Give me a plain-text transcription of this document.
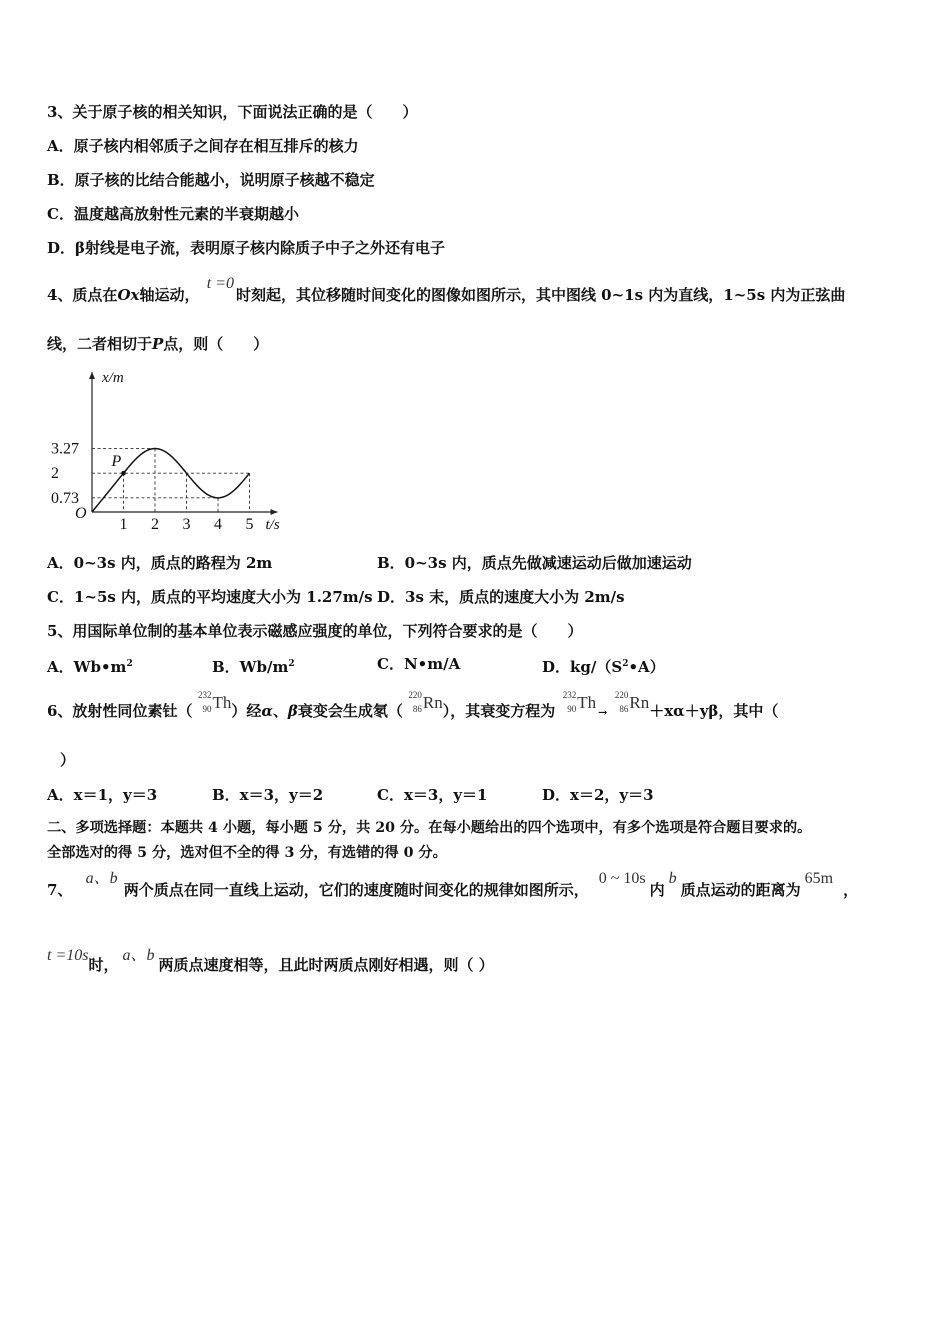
3、关于原子核的相关知识，下面说法正确的是（　　）
A．原子核内相邻质子之间存在相互排斥的核力
B．原子核的比结合能越小，说明原子核越不稳定
C．温度越高放射性元素的半衰期越小
D．β射线是电子流，表明原子核内除质子中子之外还有电子
4、质点在Ox轴运动， t =0时刻起，其位移随时间变化的图像如图所示，其中图线 0~1s 内为直线，1~5s 内为正弦曲
线，二者相切于P点，则（　　）
3.27
2
0.73
1 2 3 4 5
O
x/m
t/s
P
A．0~3s 内，质点的路程为 2m	B．0~3s 内，质点先做减速运动后做加速运动
C．1~5s 内，质点的平均速度大小为 1.27m/s D．3s 末，质点的速度大小为 2m/s
5、用国际单位制的基本单位表示磁感应强度的单位，下列符合要求的是（　　）
A．$Wb•m^2$	B．$Wb/m^2$	C．N•m/A	D．$kg/(S^2•A)$
6、放射性同位素钍（
232
90 Th）经α、β衰变会生成氡（
220
86 Rn），其衰变方程为
232
90 Th→
220
86 Rn＋xα＋yβ，其中（
）
A．x＝1，y＝3	B．x＝3，y＝2	C．x＝3，y＝1	D．x＝2，y＝3
二、多项选择题：本题共 4 小题，每小题 5 分，共 20 分。在每小题给出的四个选项中，有多个选项是符合题目要求的。
全部选对的得 5 分，选对但不全的得 3 分，有选错的得 0 分。
7、 a、b两个质点在同一直线上运动，它们的速度随时间变化的规律如图所示，0 ~ 10s内b质点运动的距离为65m，
t =10s时，a、b两质点速度相等，且此时两质点刚好相遇，则（ ）
